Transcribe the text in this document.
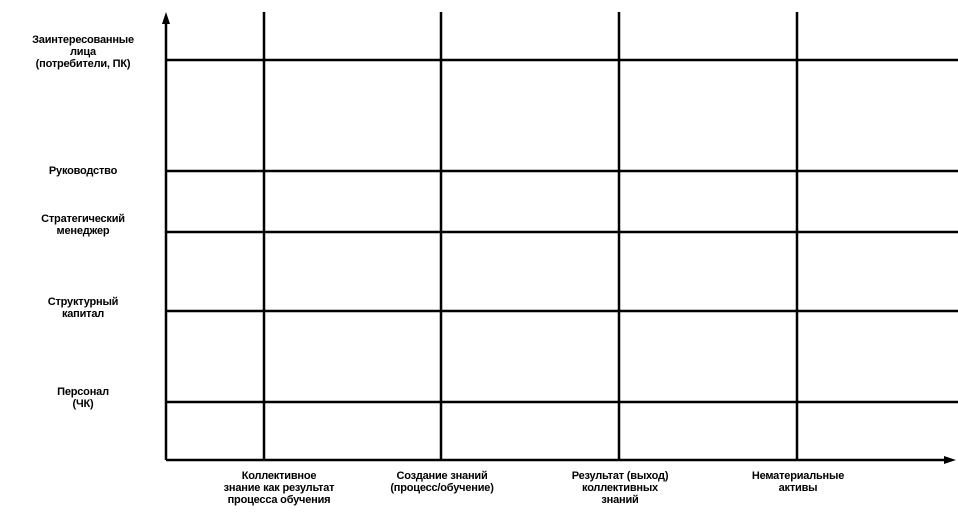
Заинтересованные
лица
(потребители, ПК)
Руководство
Стратегический
менеджер
Структурный
капитал
Персонал
(ЧК)
Коллективное
знание как результат
процесса обучения
Создание знаний
(процесс/обучение)
Результат (выход)
коллективных
знаний
Нематериальные
активы
